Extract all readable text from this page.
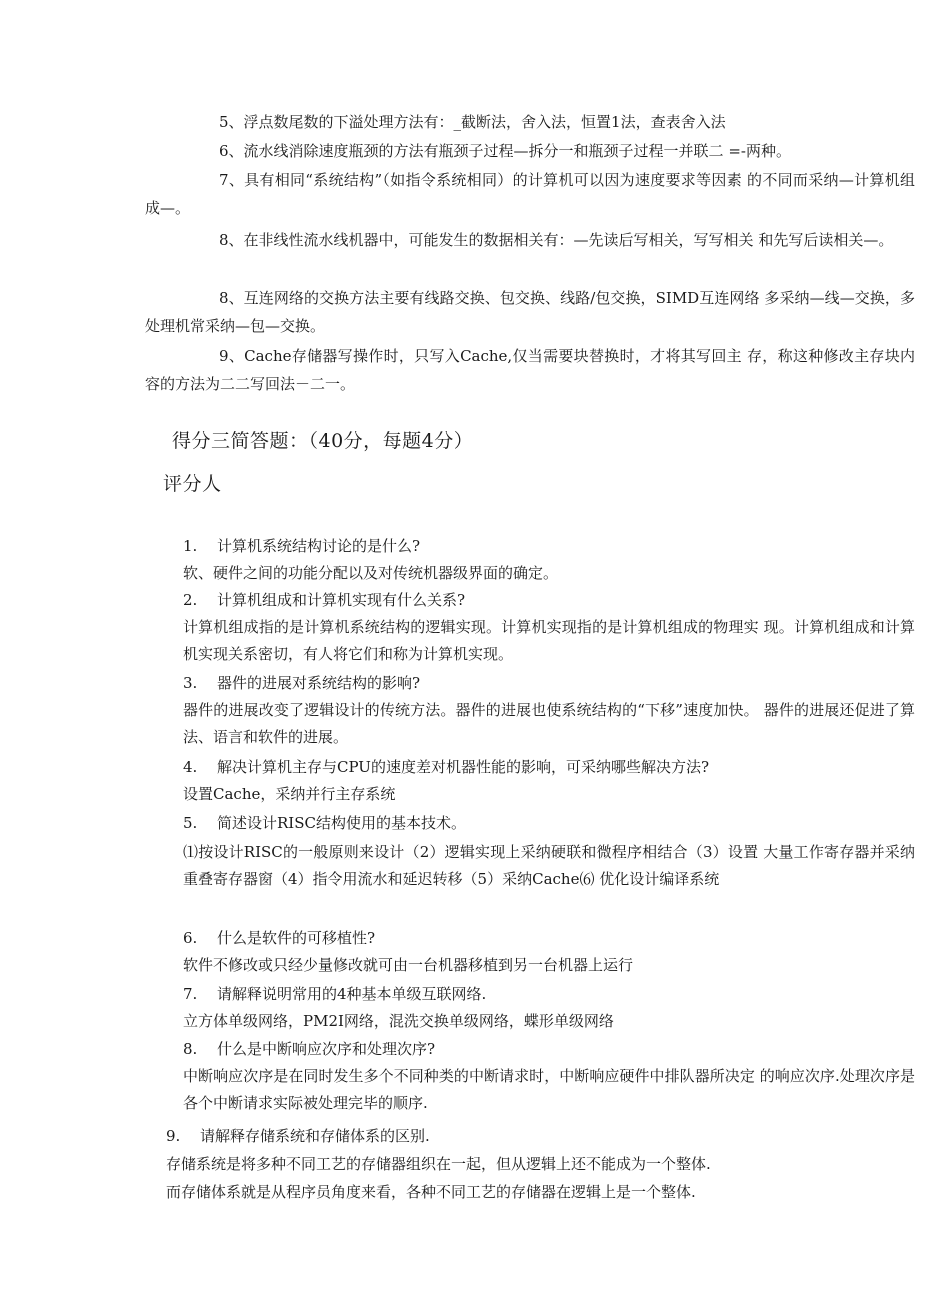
5、浮点数尾数的下溢处理方法有：_截断法，舍入法，恒置1法，查表舍入法
6、流水线消除速度瓶颈的方法有瓶颈子过程—拆分一和瓶颈子过程一并联二 =-两种。
7、具有相同“系统结构”（如指令系统相同）的计算机可以因为速度要求等因素 的不同而采纳—计算机组成—。
8、在非线性流水线机器中，可能发生的数据相关有：—先读后写相关，写写相关 和先写后读相关—。
8、互连网络的交换方法主要有线路交换、包交换、线路/包交换，SIMD互连网络 多采纳—线—交换，多处理机常采纳—包—交换。
9、Cache存储器写操作时，只写入Cache,仅当需要块替换时，才将其写回主 存，称这种修改主存块内容的方法为二二写回法－二一。
得分三简答题：（40分，每题4分）
评分人
1. 计算机系统结构讨论的是什么?
软、硬件之间的功能分配以及对传统机器级界面的确定。
2. 计算机组成和计算机实现有什么关系?
计算机组成指的是计算机系统结构的逻辑实现。计算机实现指的是计算机组成的物理实 现。计算机组成和计算机实现关系密切，有人将它们和称为计算机实现。
3. 器件的进展对系统结构的影响?
器件的进展改变了逻辑设计的传统方法。器件的进展也使系统结构的“下移”速度加快。 器件的进展还促进了算法、语言和软件的进展。
4. 解决计算机主存与CPU的速度差对机器性能的影响，可采纳哪些解决方法?
设置Cache，采纳并行主存系统
5. 简述设计RISC结构使用的基本技术。
⑴按设计RISC的一般原则来设计（2）逻辑实现上采纳硬联和微程序相结合（3）设置 大量工作寄存器并采纳重叠寄存器窗（4）指令用流水和延迟转移（5）采纳Cache⑹ 优化设计编译系统
6. 什么是软件的可移植性?
软件不修改或只经少量修改就可由一台机器移植到另一台机器上运行
7. 请解释说明常用的4种基本单级互联网络.
立方体单级网络，PM2I网络，混洗交换单级网络，蝶形单级网络
8. 什么是中断响应次序和处理次序?
中断响应次序是在同时发生多个不同种类的中断请求时，中断响应硬件中排队器所决定 的响应次序.处理次序是各个中断请求实际被处理完毕的顺序.
9. 请解释存储系统和存储体系的区别.
存储系统是将多种不同工艺的存储器组织在一起，但从逻辑上还不能成为一个整体.
而存储体系就是从程序员角度来看，各种不同工艺的存储器在逻辑上是一个整体.
